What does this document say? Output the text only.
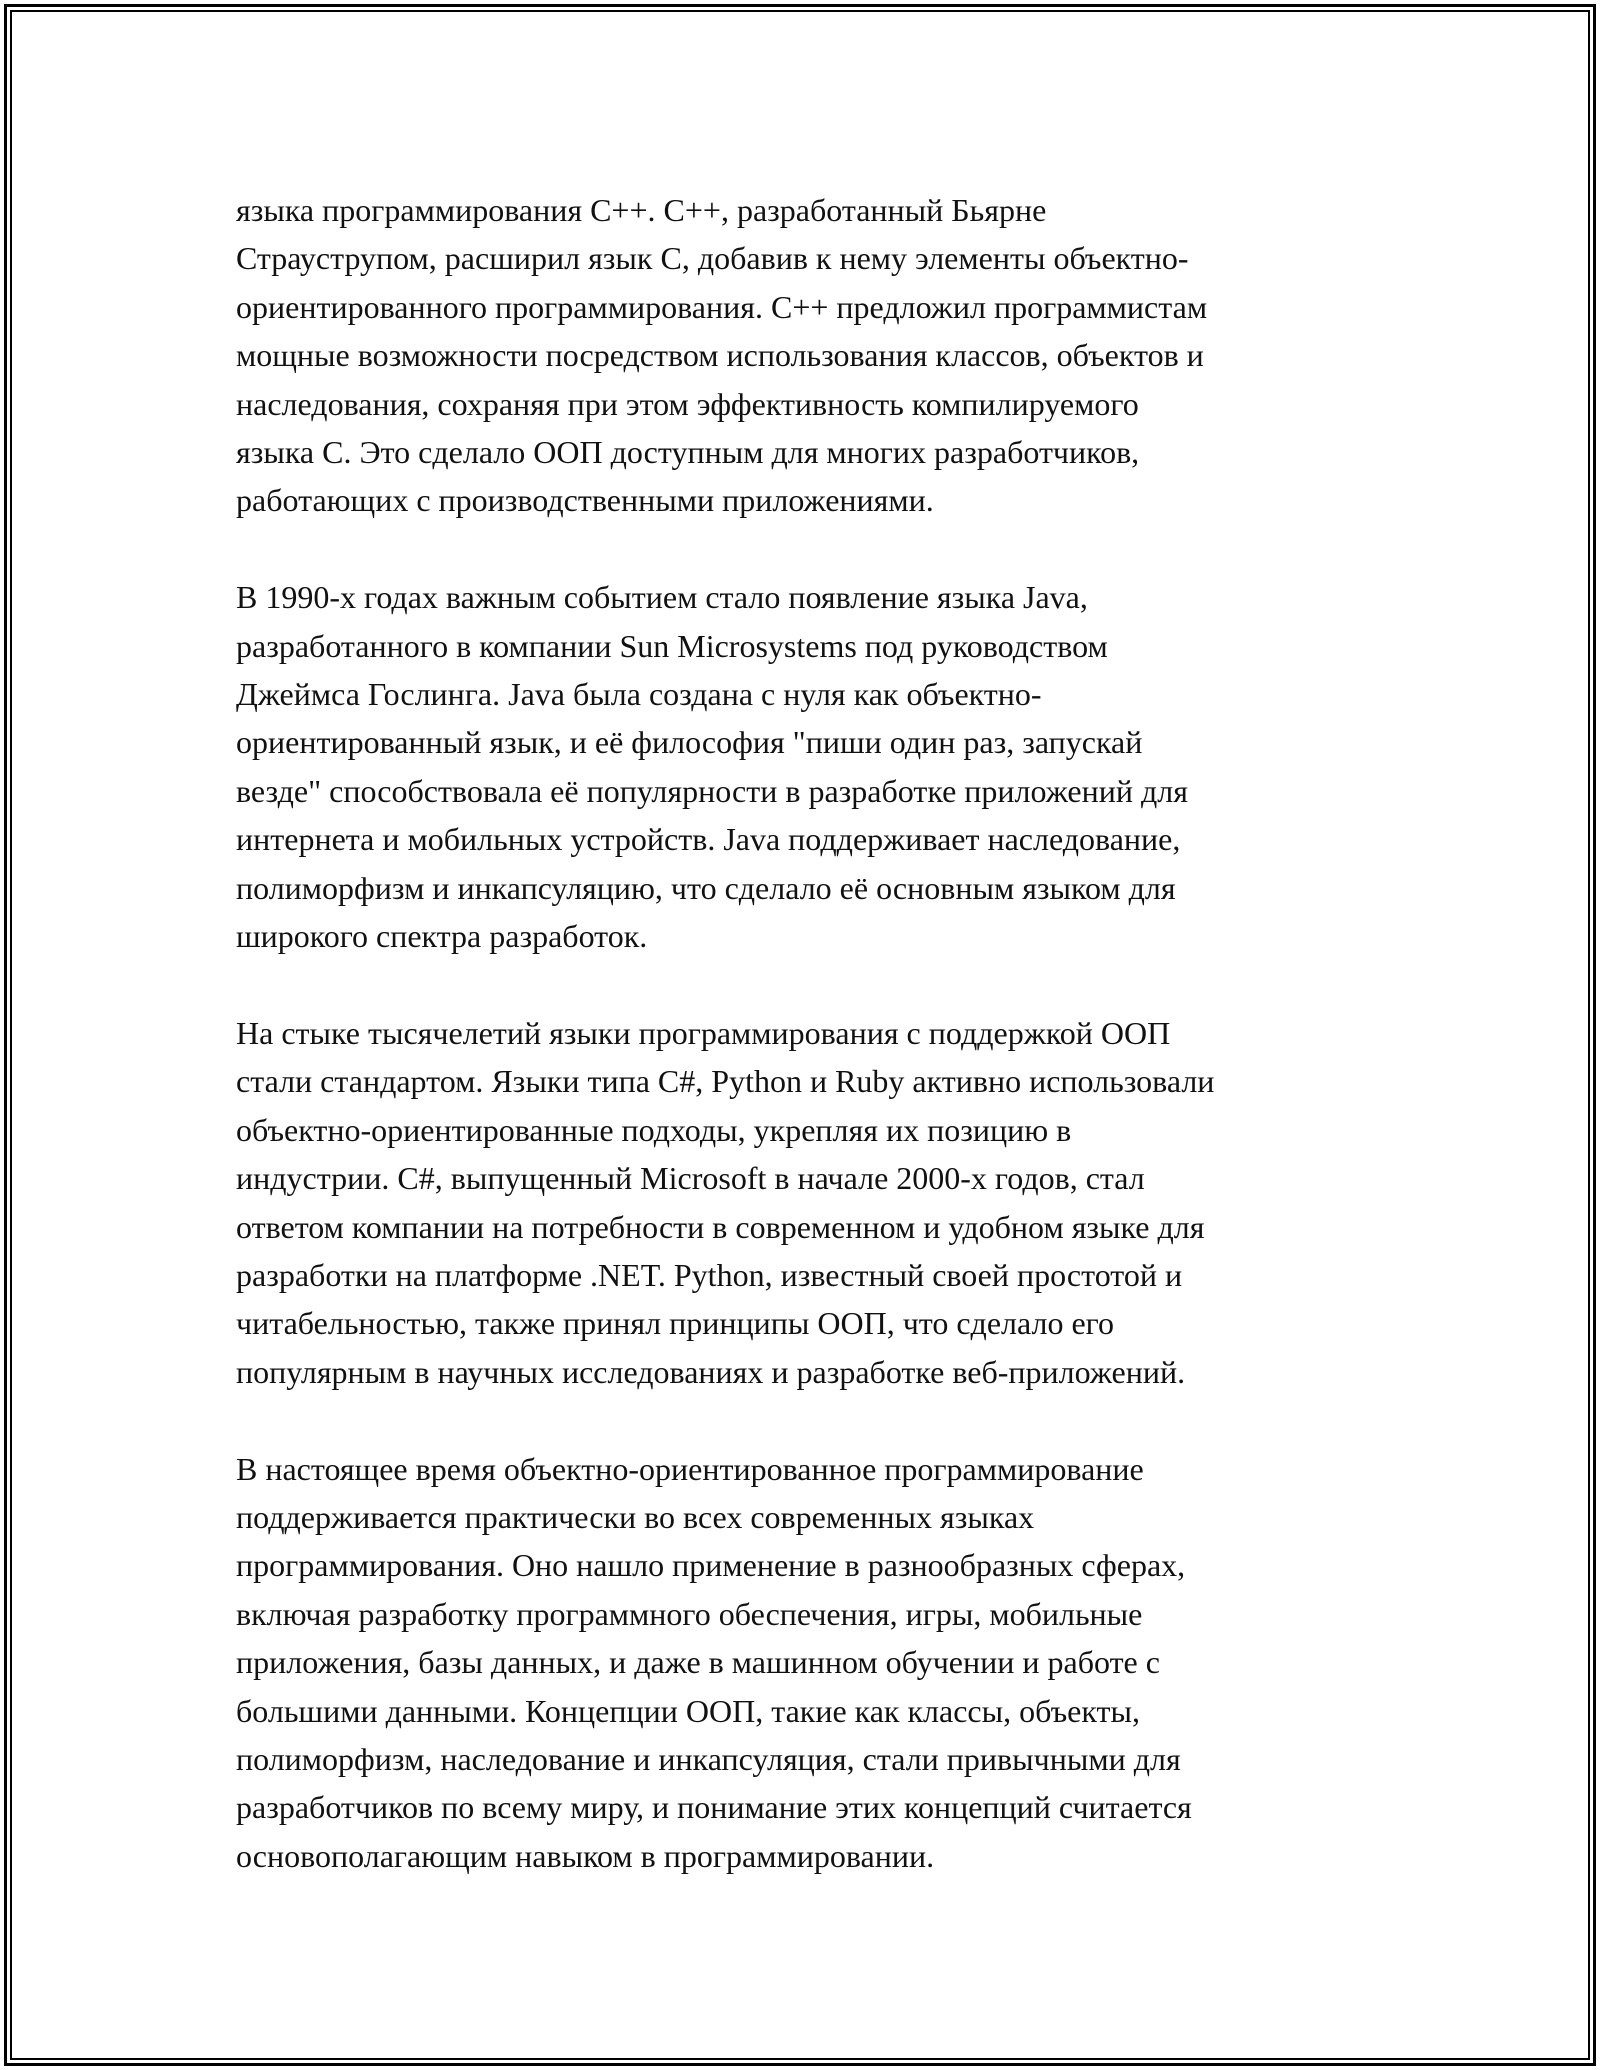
языка программирования C++. C++, разработанный Бьярне
Страуструпом, расширил язык C, добавив к нему элементы объектно-
ориентированного программирования. C++ предложил программистам
мощные возможности посредством использования классов, объектов и
наследования, сохраняя при этом эффективность компилируемого
языка C. Это сделало ООП доступным для многих разработчиков,
работающих с производственными приложениями.

В 1990-х годах важным событием стало появление языка Java,
разработанного в компании Sun Microsystems под руководством
Джеймса Гослинга. Java была создана с нуля как объектно-
ориентированный язык, и её философия "пиши один раз, запускай
везде" способствовала её популярности в разработке приложений для
интернета и мобильных устройств. Java поддерживает наследование,
полиморфизм и инкапсуляцию, что сделало её основным языком для
широкого спектра разработок.

На стыке тысячелетий языки программирования с поддержкой ООП
стали стандартом. Языки типа C#, Python и Ruby активно использовали
объектно-ориентированные подходы, укрепляя их позицию в
индустрии. C#, выпущенный Microsoft в начале 2000-х годов, стал
ответом компании на потребности в современном и удобном языке для
разработки на платформе .NET. Python, известный своей простотой и
читабельностью, также принял принципы ООП, что сделало его
популярным в научных исследованиях и разработке веб-приложений.

В настоящее время объектно-ориентированное программирование
поддерживается практически во всех современных языках
программирования. Оно нашло применение в разнообразных сферах,
включая разработку программного обеспечения, игры, мобильные
приложения, базы данных, и даже в машинном обучении и работе с
большими данными. Концепции ООП, такие как классы, объекты,
полиморфизм, наследование и инкапсуляция, стали привычными для
разработчиков по всему миру, и понимание этих концепций считается
основополагающим навыком в программировании.
